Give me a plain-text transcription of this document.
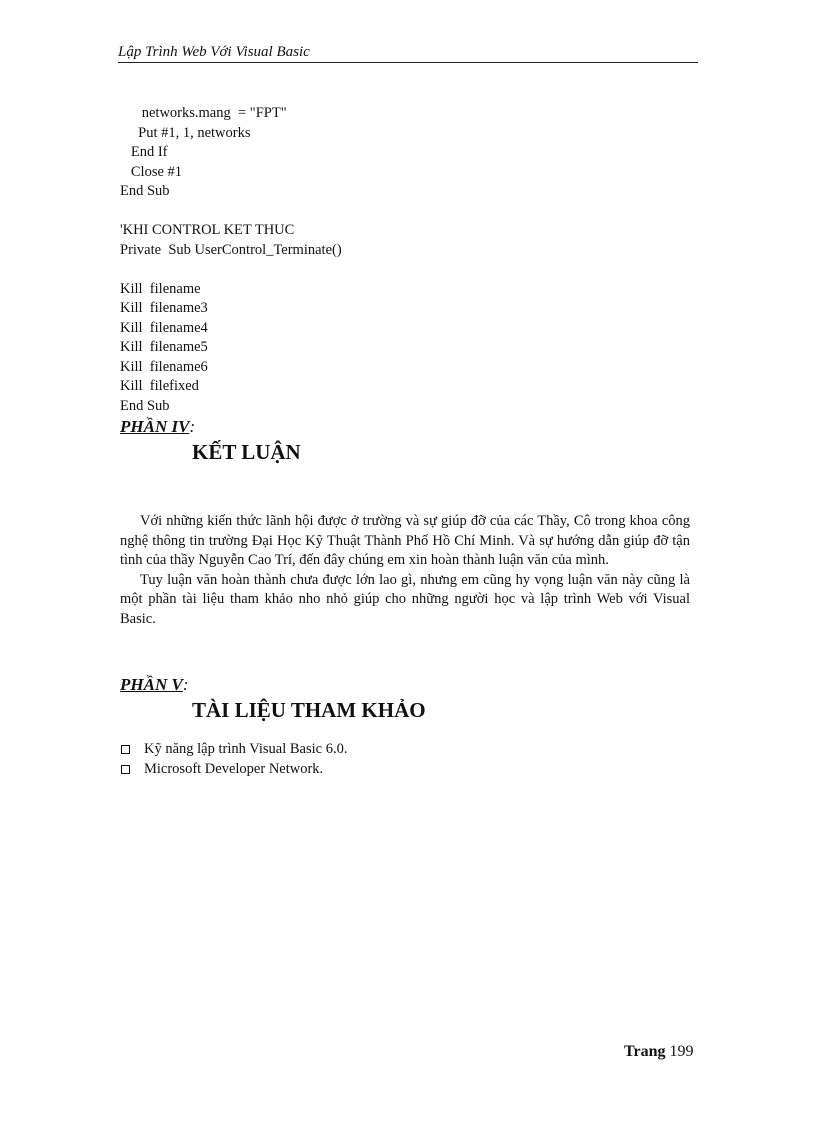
Lập Trình Web Với Visual Basic
networks.mang  = "FPT"
Put #1, 1, networks
End If
Close #1
End Sub
'KHI CONTROL KET THUC
Private  Sub UserControl_Terminate()
Kill  filename
Kill  filename3
Kill  filename4
Kill  filename5
Kill  filename6
Kill  filefixed
End Sub
PHẦN IV:
KẾT LUẬN

Với những kiến thức lãnh hội được ở trường và sự giúp đỡ của các Thầy, Cô trong khoa công nghệ thông tin trường Đại Học Kỹ Thuật Thành Phố Hồ Chí Minh. Và sự hướng dẫn giúp đỡ tận tình của thầy Nguyễn Cao Trí, đến đây chúng em xin hoàn thành luận văn của mình.

Tuy luận văn hoàn thành chưa được lớn lao gì, nhưng em cũng hy vọng luận văn này cũng là một phần tài liệu tham khảo nho nhỏ giúp cho những người học và lập trình Web với Visual Basic.

PHẦN V:
TÀI LIỆU THAM KHẢO
Kỹ năng lập trình Visual Basic 6.0.
Microsoft Developer Network.
Trang 199
